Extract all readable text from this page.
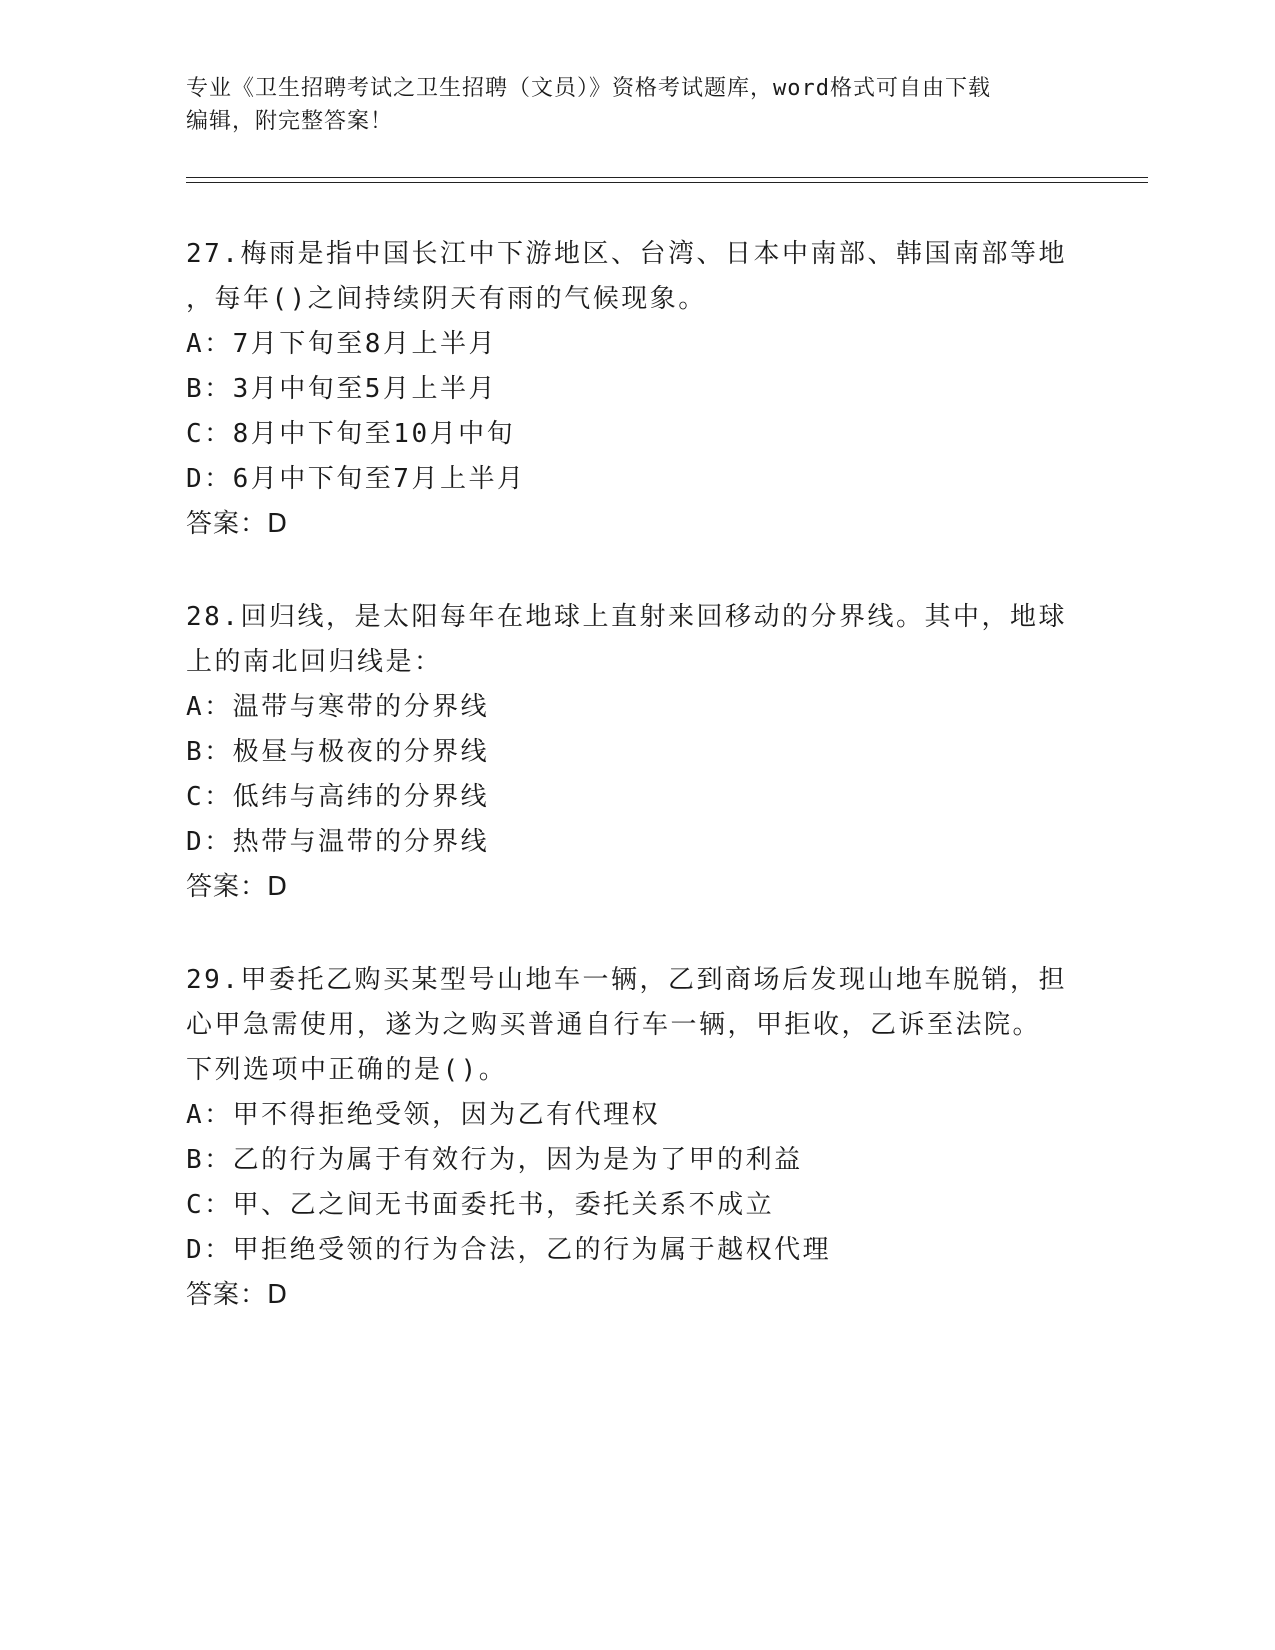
专业《卫生招聘考试之卫生招聘（文员）》资格考试题库，word格式可自由下载
编辑，附完整答案！
27.梅雨是指中国长江中下游地区、台湾、日本中南部、韩国南部等地
，每年()之间持续阴天有雨的气候现象。
A：7月下旬至8月上半月
B：3月中旬至5月上半月
C：8月中下旬至10月中旬
D：6月中下旬至7月上半月
答案：D
28.回归线，是太阳每年在地球上直射来回移动的分界线。其中，地球
上的南北回归线是：
A：温带与寒带的分界线
B：极昼与极夜的分界线
C：低纬与高纬的分界线
D：热带与温带的分界线
答案：D
29.甲委托乙购买某型号山地车一辆，乙到商场后发现山地车脱销，担
心甲急需使用，遂为之购买普通自行车一辆，甲拒收，乙诉至法院。
下列选项中正确的是()。
A：甲不得拒绝受领，因为乙有代理权
B：乙的行为属于有效行为，因为是为了甲的利益
C：甲、乙之间无书面委托书，委托关系不成立
D：甲拒绝受领的行为合法，乙的行为属于越权代理
答案：D
